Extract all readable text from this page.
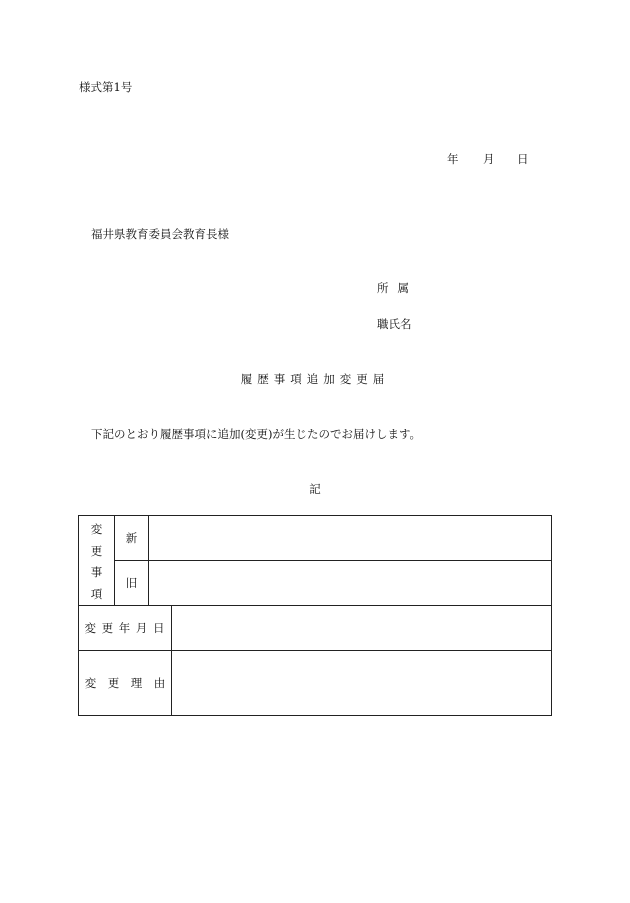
様式第1号
年 月 日
福井県教育委員会教育長様
所属
職氏名
履歴事項追加変更届
下記のとおり履歴事項に追加(変更)が生じたのでお届けします。
記
変
更
事
項
新
旧
変 更 年 月 日
変　更　理　由
